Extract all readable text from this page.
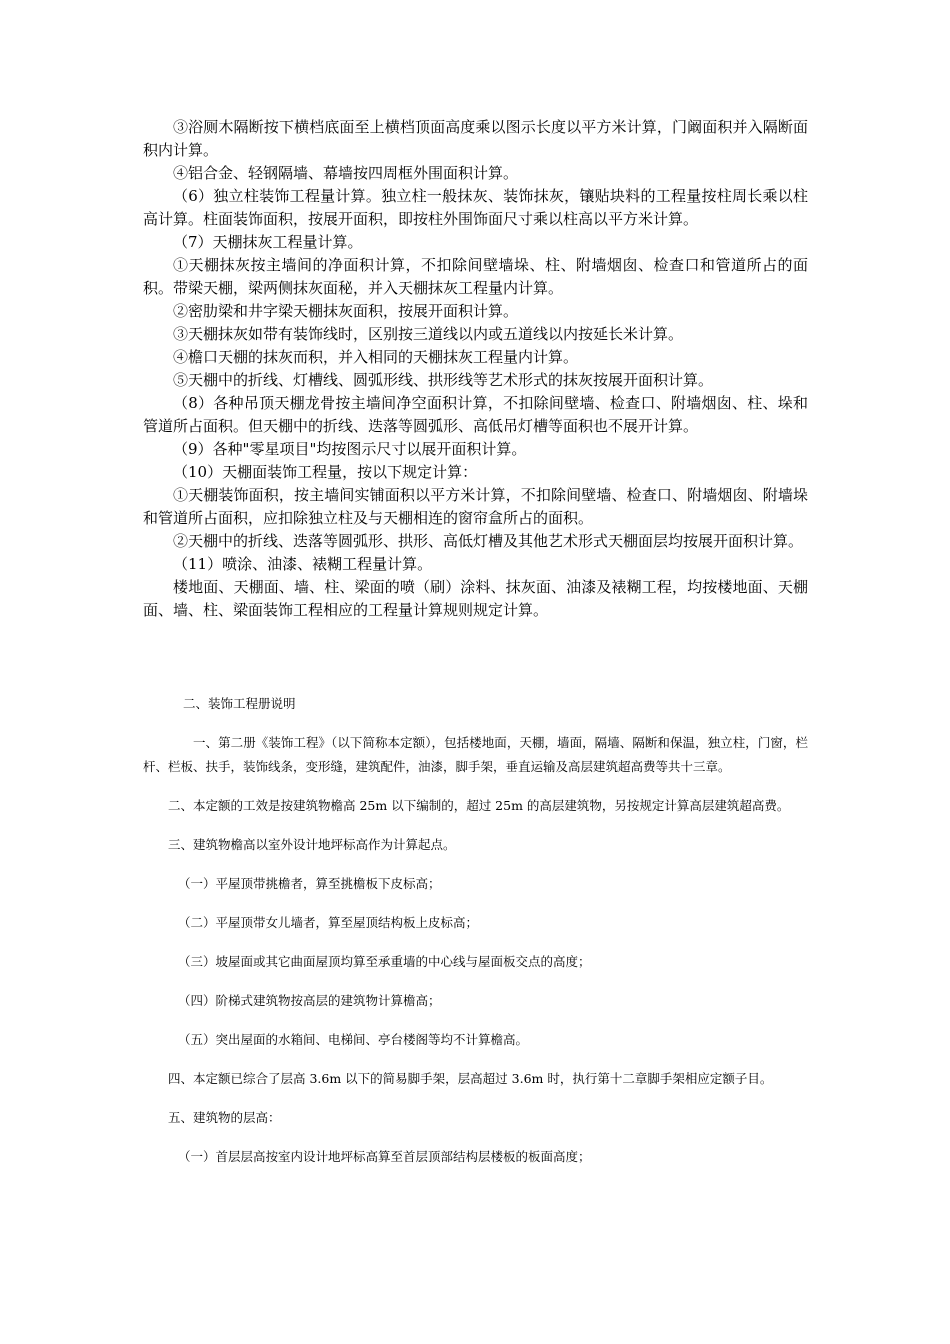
③浴厕木隔断按下横档底面至上横档顶面高度乘以图示长度以平方米计算，门阚面积并入隔断面积内计算。

④铝合金、轻钢隔墙、幕墙按四周框外围面积计算。

（6）独立柱装饰工程量计算。独立柱一般抹灰、装饰抹灰，镶贴块料的工程量按柱周长乘以柱高计算。柱面装饰面积，按展开面积，即按柱外围饰面尺寸乘以柱高以平方米计算。

（7）天棚抹灰工程量计算。

①天棚抹灰按主墙间的净面积计算，不扣除间壁墙垛、柱、附墙烟囱、检查口和管道所占的面积。带梁天棚，梁两侧抹灰面秘，并入天棚抹灰工程量内计算。

②密肋梁和井字梁天棚抹灰面积，按展开面积计算。

③天棚抹灰如带有装饰线时，区别按三道线以内或五道线以内按延长米计算。

④檐口天棚的抹灰而积，并入相同的天棚抹灰工程量内计算。

⑤天棚中的折线、灯槽线、圆弧形线、拱形线等艺术形式的抹灰按展开面积计算。

（8）各种吊顶天棚龙骨按主墙间净空面积计算，不扣除间壁墙、检查口、附墙烟囱、柱、垛和管道所占面积。但天棚中的折线、迭落等圆弧形、高低吊灯槽等面积也不展开计算。

（9）各种"零星项目"均按图示尺寸以展开面积计算。

（10）天棚面装饰工程量，按以下规定计算：

①天棚装饰面积，按主墙间实铺面积以平方米计算，不扣除间壁墙、检查口、附墙烟囱、附墙垛和管道所占面积，应扣除独立柱及与天棚相连的窗帘盒所占的面积。

②天棚中的折线、迭落等圆弧形、拱形、高低灯槽及其他艺术形式天棚面层均按展开面积计算。

（11）喷涂、油漆、裱糊工程量计算。

楼地面、天棚面、墙、柱、梁面的喷（刷）涂料、抹灰面、油漆及裱糊工程，均按楼地面、天棚面、墙、柱、梁面装饰工程相应的工程量计算规则规定计算。

二、装饰工程册说明

一、第二册《装饰工程》（以下简称本定额），包括楼地面，天棚，墙面，隔墙、隔断和保温，独立柱，门窗，栏杆、栏板、扶手，装饰线条，变形缝，建筑配件，油漆，脚手架，垂直运输及高层建筑超高费等共十三章。

二、本定额的工效是按建筑物檐高 25m 以下编制的，超过 25m 的高层建筑物，另按规定计算高层建筑超高费。

三、建筑物檐高以室外设计地坪标高作为计算起点。

（一）平屋顶带挑檐者，算至挑檐板下皮标高；

（二）平屋顶带女儿墙者，算至屋顶结构板上皮标高；

（三）坡屋面或其它曲面屋顶均算至承重墙的中心线与屋面板交点的高度；

（四）阶梯式建筑物按高层的建筑物计算檐高；

（五）突出屋面的水箱间、电梯间、亭台楼阁等均不计算檐高。

四、本定额已综合了层高 3.6m 以下的简易脚手架，层高超过 3.6m 时，执行第十二章脚手架相应定额子目。

五、建筑物的层高：

（一）首层层高按室内设计地坪标高算至首层顶部结构层楼板的板面高度；
